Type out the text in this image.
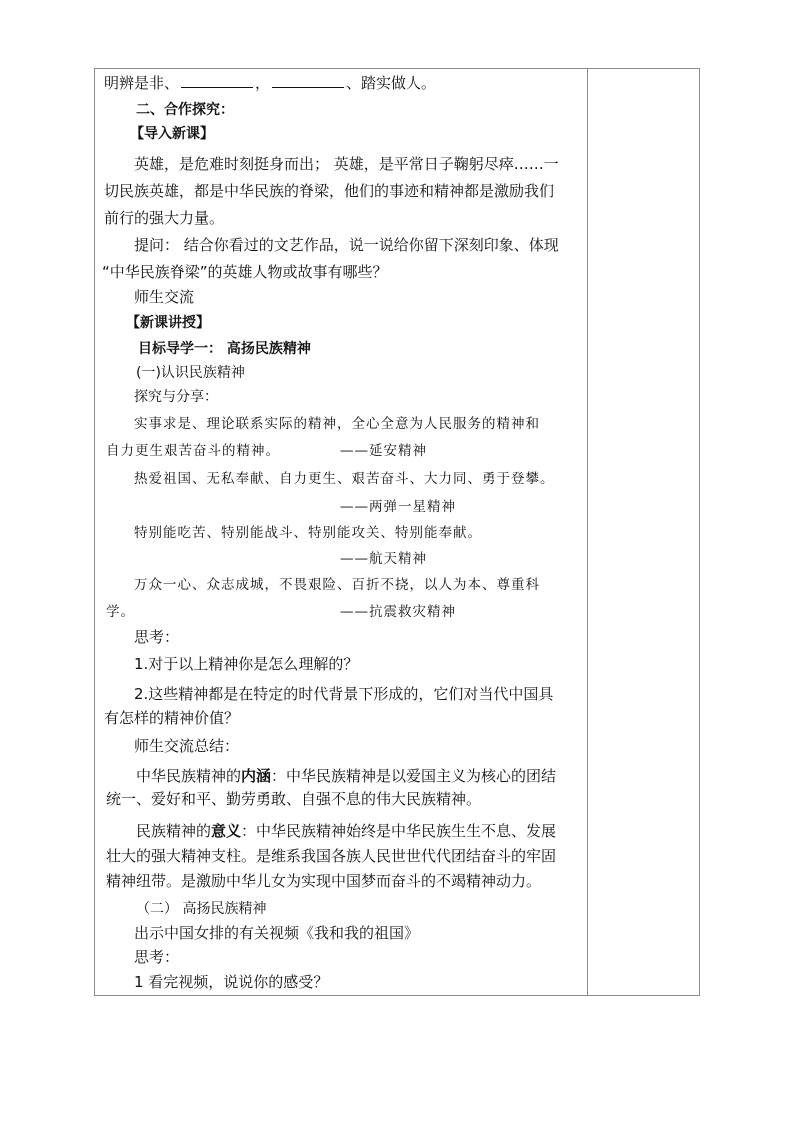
明辨是非、	，	、踏实做人。
二、合作探究：
【导入新课】
英雄，是危难时刻挺身而出； 英雄，是平常日子鞠躬尽瘁……一
切民族英雄，都是中华民族的脊梁，他们的事迹和精神都是激励我们
前行的强大力量。
提问： 结合你看过的文艺作品，说一说给你留下深刻印象、体现
“中华民族脊梁”的英雄人物或故事有哪些？
师生交流
【新课讲授】
目标导学一： 高扬民族精神
(一)认识民族精神
探究与分享：
实事求是、理论联系实际的精神，全心全意为人民服务的精神和
自力更生艰苦奋斗的精神。	——延安精神
热爱祖国、无私奉献、自力更生、艰苦奋斗、大力同、勇于登攀。
——两弹一星精神
特别能吃苦、特别能战斗、特别能攻关、特别能奉献。
——航天精神
万众一心、众志成城，不畏艰险、百折不挠，以人为本、尊重科
学。	——抗震救灾精神
思考：
1.对于以上精神你是怎么理解的？
2.这些精神都是在特定的时代背景下形成的，它们对当代中国具
有怎样的精神价值？
师生交流总结：
中华民族精神的内涵：中华民族精神是以爱国主义为核心的团结
统一、爱好和平、勤劳勇敢、自强不息的伟大民族精神。
民族精神的意义：中华民族精神始终是中华民族生生不息、发展
壮大的强大精神支柱。是维系我国各族人民世世代代团结奋斗的牢固
精神纽带。是激励中华儿女为实现中国梦而奋斗的不竭精神动力。
（二） 高扬民族精神
出示中国女排的有关视频《我和我的祖国》
思考：
1 看完视频，说说你的感受？
